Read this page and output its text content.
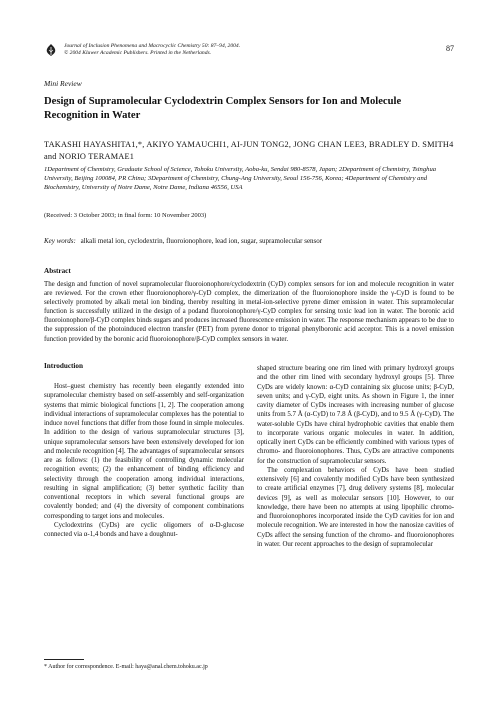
Journal of Inclusion Phenomena and Macrocyclic Chemistry 50: 87–94, 2004.
© 2004 Kluwer Academic Publishers. Printed in the Netherlands.	87
Mini Review
Design of Supramolecular Cyclodextrin Complex Sensors for Ion and Molecule Recognition in Water
TAKASHI HAYASHITA1,*, AKIYO YAMAUCHI1, AI-JUN TONG2, JONG CHAN LEE3, BRADLEY D. SMITH4 and NORIO TERAMAE1
1Department of Chemistry, Graduate School of Science, Tohoku University, Aoba-ku, Sendai 980-8578, Japan; 2Department of Chemistry, Tsinghua University, Beijing 100084, PR China; 3Department of Chemistry, Chung-Ang University, Seoul 156-756, Korea; 4Department of Chemistry and Biochemistry, University of Notre Dame, Notre Dame, Indiana 46556, USA
(Received: 3 October 2003; in final form: 10 November 2003)
Key words: alkali metal ion, cyclodextrin, fluoroionophore, lead ion, sugar, supramolecular sensor
Abstract

The design and function of novel supramolecular fluoroionophore/cyclodextrin (CyD) complex sensors for ion and molecule recognition in water are reviewed. For the crown ether fluoroionophore/γ-CyD complex, the dimerization of the fluoroionophore inside the γ-CyD is found to be selectively promoted by alkali metal ion binding, thereby resulting in metal-ion-selective pyrene dimer emission in water. This supramolecular function is successfully utilized in the design of a podand fluoroionophore/γ-CyD complex for sensing toxic lead ion in water. The boronic acid fluoroionophore/β-CyD complex binds sugars and produces increased fluorescence emission in water. The response mechanism appears to be due to the suppression of the photoinduced electron transfer (PET) from pyrene donor to trigonal phenylboronic acid acceptor. This is a novel emission function provided by the boronic acid fluoroionophore/β-CyD complex sensors in water.

Introduction

Host–guest chemistry has recently been elegantly extended into supramolecular chemistry based on self-assembly and self-organization systems that mimic biological functions [1, 2]. The cooperation among individual interactions of supramolecular complexes has the potential to induce novel functions that differ from those found in simple molecules. In addition to the design of various supramolecular structures [3], unique supramolecular sensors have been extensively developed for ion and molecule recognition [4]. The advantages of supramolecular sensors are as follows: (1) the feasibility of controlling dynamic molecular recognition events; (2) the enhancement of binding efficiency and selectivity through the cooperation among individual interactions, resulting in signal amplification; (3) better synthetic facility than conventional receptors in which several functional groups are covalently bonded; and (4) the diversity of component combinations corresponding to target ions and molecules.

Cyclodextrins (CyDs) are cyclic oligomers of α-D-glucose connected via α-1,4 bonds and have a doughnut-

shaped structure bearing one rim lined with primary hydroxyl groups and the other rim lined with secondary hydroxyl groups [5]. Three CyDs are widely known: α-CyD containing six glucose units; β-CyD, seven units; and γ-CyD, eight units. As shown in Figure 1, the inner cavity diameter of CyDs increases with increasing number of glucose units from 5.7 Å (α-CyD) to 7.8 Å (β-CyD), and to 9.5 Å (γ-CyD). The water-soluble CyDs have chiral hydrophobic cavities that enable them to incorporate various organic molecules in water. In addition, optically inert CyDs can be efficiently combined with various types of chromo- and fluoroionophores. Thus, CyDs are attractive components for the construction of supramolecular sensors.

The complexation behaviors of CyDs have been studied extensively [6] and covalently modified CyDs have been synthesized to create artificial enzymes [7], drug delivery systems [8], molecular devices [9], as well as molecular sensors [10]. However, to our knowledge, there have been no attempts at using lipophilic chromo- and fluoroionophores incorporated inside the CyD cavities for ion and molecule recognition. We are interested in how the nanosize cavities of CyDs affect the sensing function of the chromo- and fluoroionophores in water. Our recent approaches to the design of supramolecular

* Author for correspondence. E-mail: haya@anal.chem.tohoku.ac.jp
